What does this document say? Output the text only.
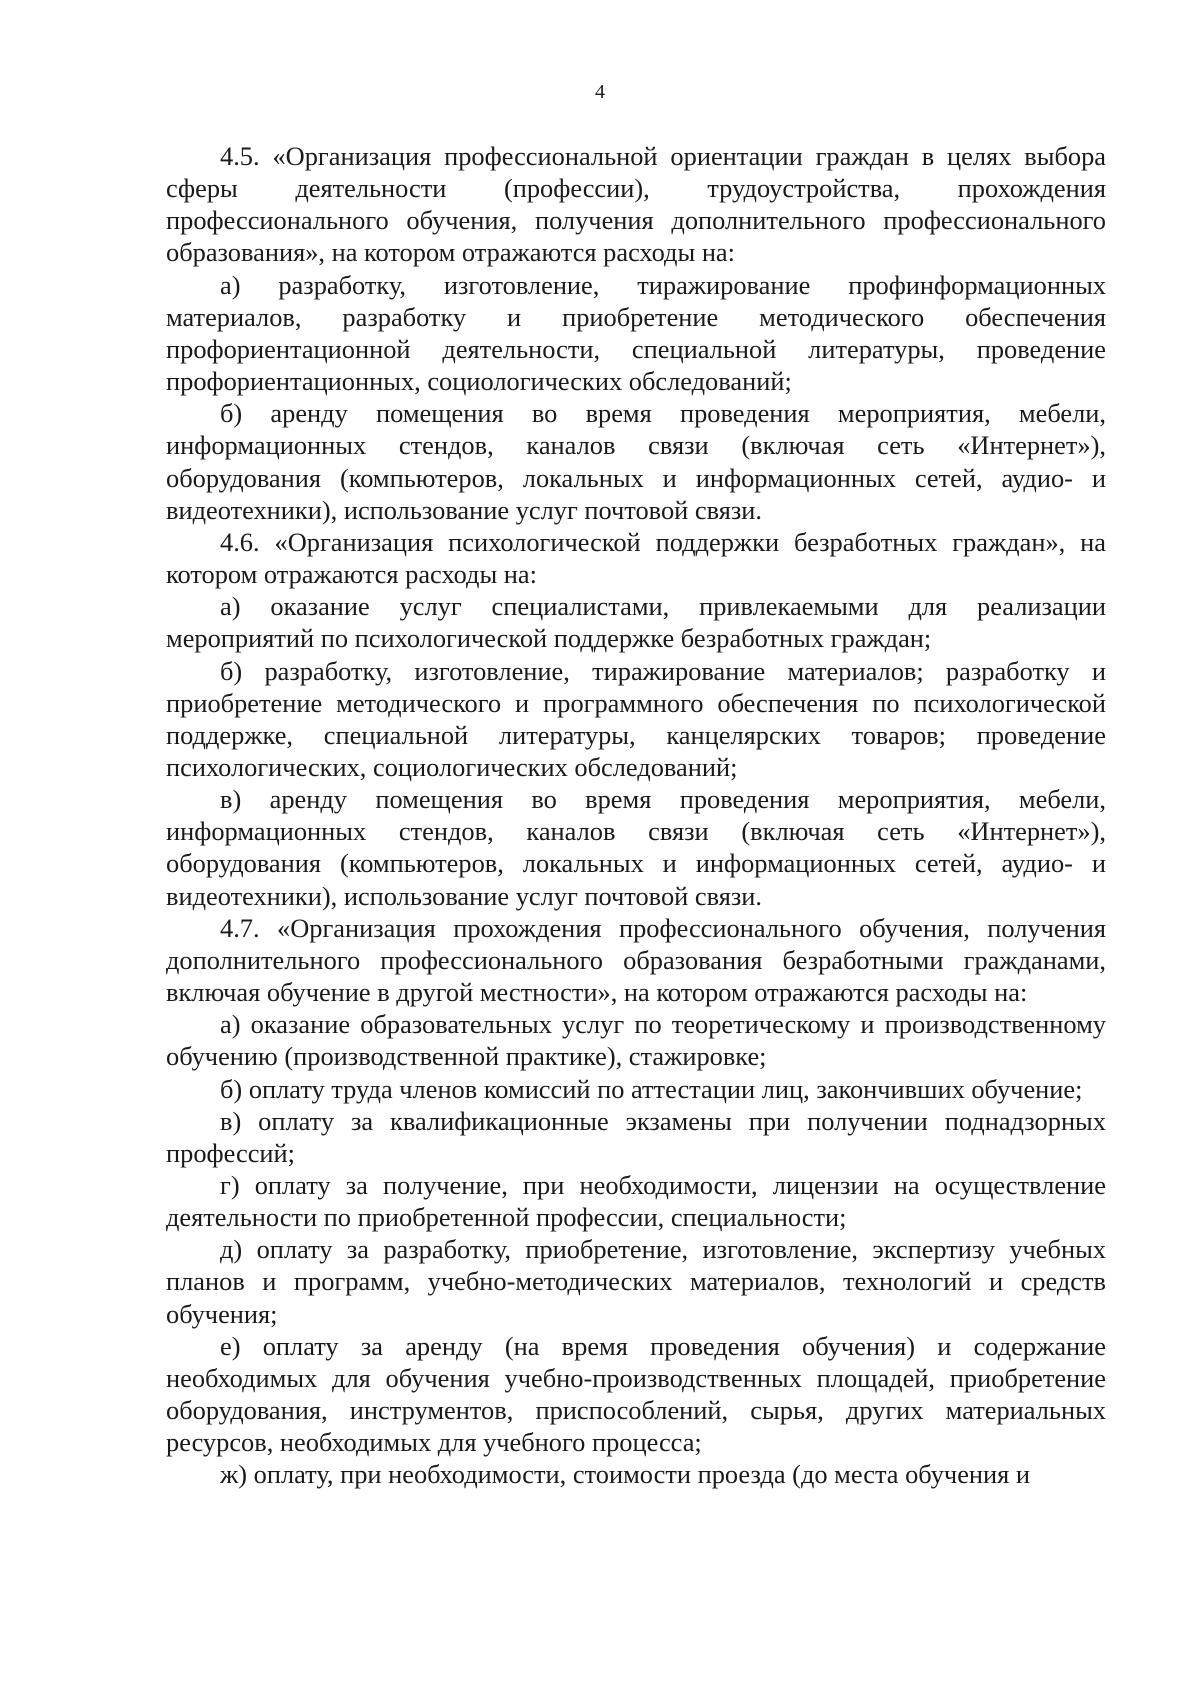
4

4.5. «Организация профессиональной ориентации граждан в целях выбора сферы деятельности (профессии), трудоустройства, прохождения профессионального обучения, получения дополнительного профессионального образования», на котором отражаются расходы на:

а) разработку, изготовление, тиражирование профинформационных материалов, разработку и приобретение методического обеспечения профориентационной деятельности, специальной литературы, проведение профориентационных, социологических обследований;

б) аренду помещения во время проведения мероприятия, мебели, информационных стендов, каналов связи (включая сеть «Интернет»), оборудования (компьютеров, локальных и информационных сетей, аудио- и видеотехники), использование услуг почтовой связи.

4.6. «Организация психологической поддержки безработных граждан», на котором отражаются расходы на:

а) оказание услуг специалистами, привлекаемыми для реализации мероприятий по психологической поддержке безработных граждан;

б) разработку, изготовление, тиражирование материалов; разработку и приобретение методического и программного обеспечения по психологической поддержке, специальной литературы, канцелярских товаров; проведение психологических, социологических обследований;

в) аренду помещения во время проведения мероприятия, мебели, информационных стендов, каналов связи (включая сеть «Интернет»), оборудования (компьютеров, локальных и информационных сетей, аудио- и видеотехники), использование услуг почтовой связи.

4.7. «Организация прохождения профессионального обучения, получения дополнительного профессионального образования безработными гражданами, включая обучение в другой местности», на котором отражаются расходы на:

а) оказание образовательных услуг по теоретическому и производственному обучению (производственной практике), стажировке;

б) оплату труда членов комиссий по аттестации лиц, закончивших обучение;

в) оплату за квалификационные экзамены при получении поднадзорных профессий;

г) оплату за получение, при необходимости, лицензии на осуществление деятельности по приобретенной профессии, специальности;

д) оплату за разработку, приобретение, изготовление, экспертизу учебных планов и программ, учебно-методических материалов, технологий и средств обучения;

е) оплату за аренду (на время проведения обучения) и содержание необходимых для обучения учебно-производственных площадей, приобретение оборудования, инструментов, приспособлений, сырья, других материальных ресурсов, необходимых для учебного процесса;

ж) оплату, при необходимости, стоимости проезда (до места обучения и
